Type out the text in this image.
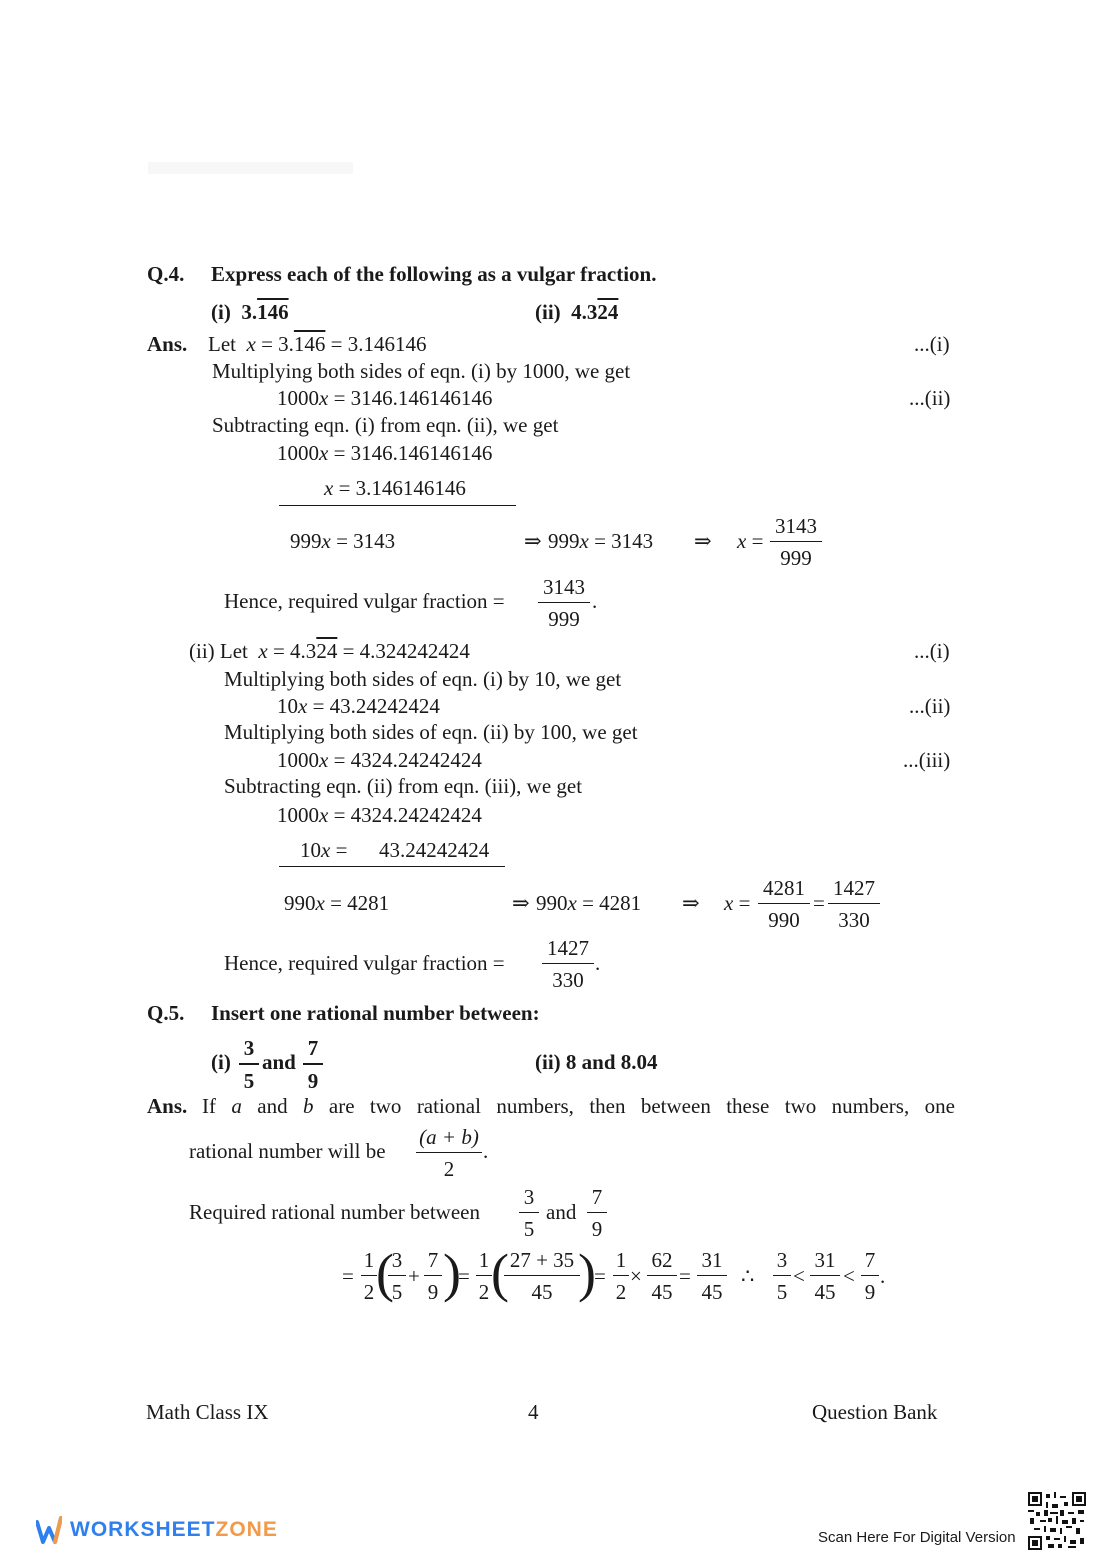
Q.4. Express each of the following as a vulgar fraction.
(i) 3.146	(ii) 4.324
Ans. Let x = 3.146 = 3.146146	...(i)
Multiplying both sides of eqn. (i) by 1000, we get
1000x = 3146.146146146	...(ii)
Subtracting eqn. (i) from eqn. (ii), we get
1000x = 3146.146146146
x = 3.146146146
999x = 3143	⇒ 999x = 3143 ⇒ $x = \frac{3143}{999}$
Hence, required vulgar fraction = $\frac{3143}{999}$ .
(ii) Let x = 4.324 = 4.324242424	...(i)
Multiplying both sides of eqn. (i) by 10, we get
10x = 43.24242424	...(ii)
Multiplying both sides of eqn. (ii) by 100, we get
1000x = 4324.24242424	...(iii)
Subtracting eqn. (ii) from eqn. (iii), we get
1000x = 4324.24242424
10x = 43.24242424
990x = 4281	⇒ 990x = 4281 ⇒ $x = \frac{4281}{990} = \frac{1427}{330}$
Hence, required vulgar fraction = $\frac{1427}{330}$ .
Q.5. Insert one rational number between:
$(i) \frac{3}{5}$ and $\frac{7}{9}$	(ii) 8 and 8.04
Ans. If a and b are two rational numbers, then between these two numbers, one
rational number will be $\frac{(a + b)}{2}$ .
Required rational number between $\frac{3}{5}$ and $\frac{7}{9}$
= $\frac{1}{2}$ (
$\frac{3}{5} + \frac{7}{9}$ )
= $\frac{1}{2}$ (
$\frac{27 + 35}{45}$
)
= $\frac{1}{2} \times \frac{62}{45} = \frac{31}{45}$ ∴ $\frac{3}{5} < \frac{31}{45} < \frac{7}{9}$ .
Math Class IX	4	Question Bank
WORKSHEETZONE	Scan Here For Digital Version
